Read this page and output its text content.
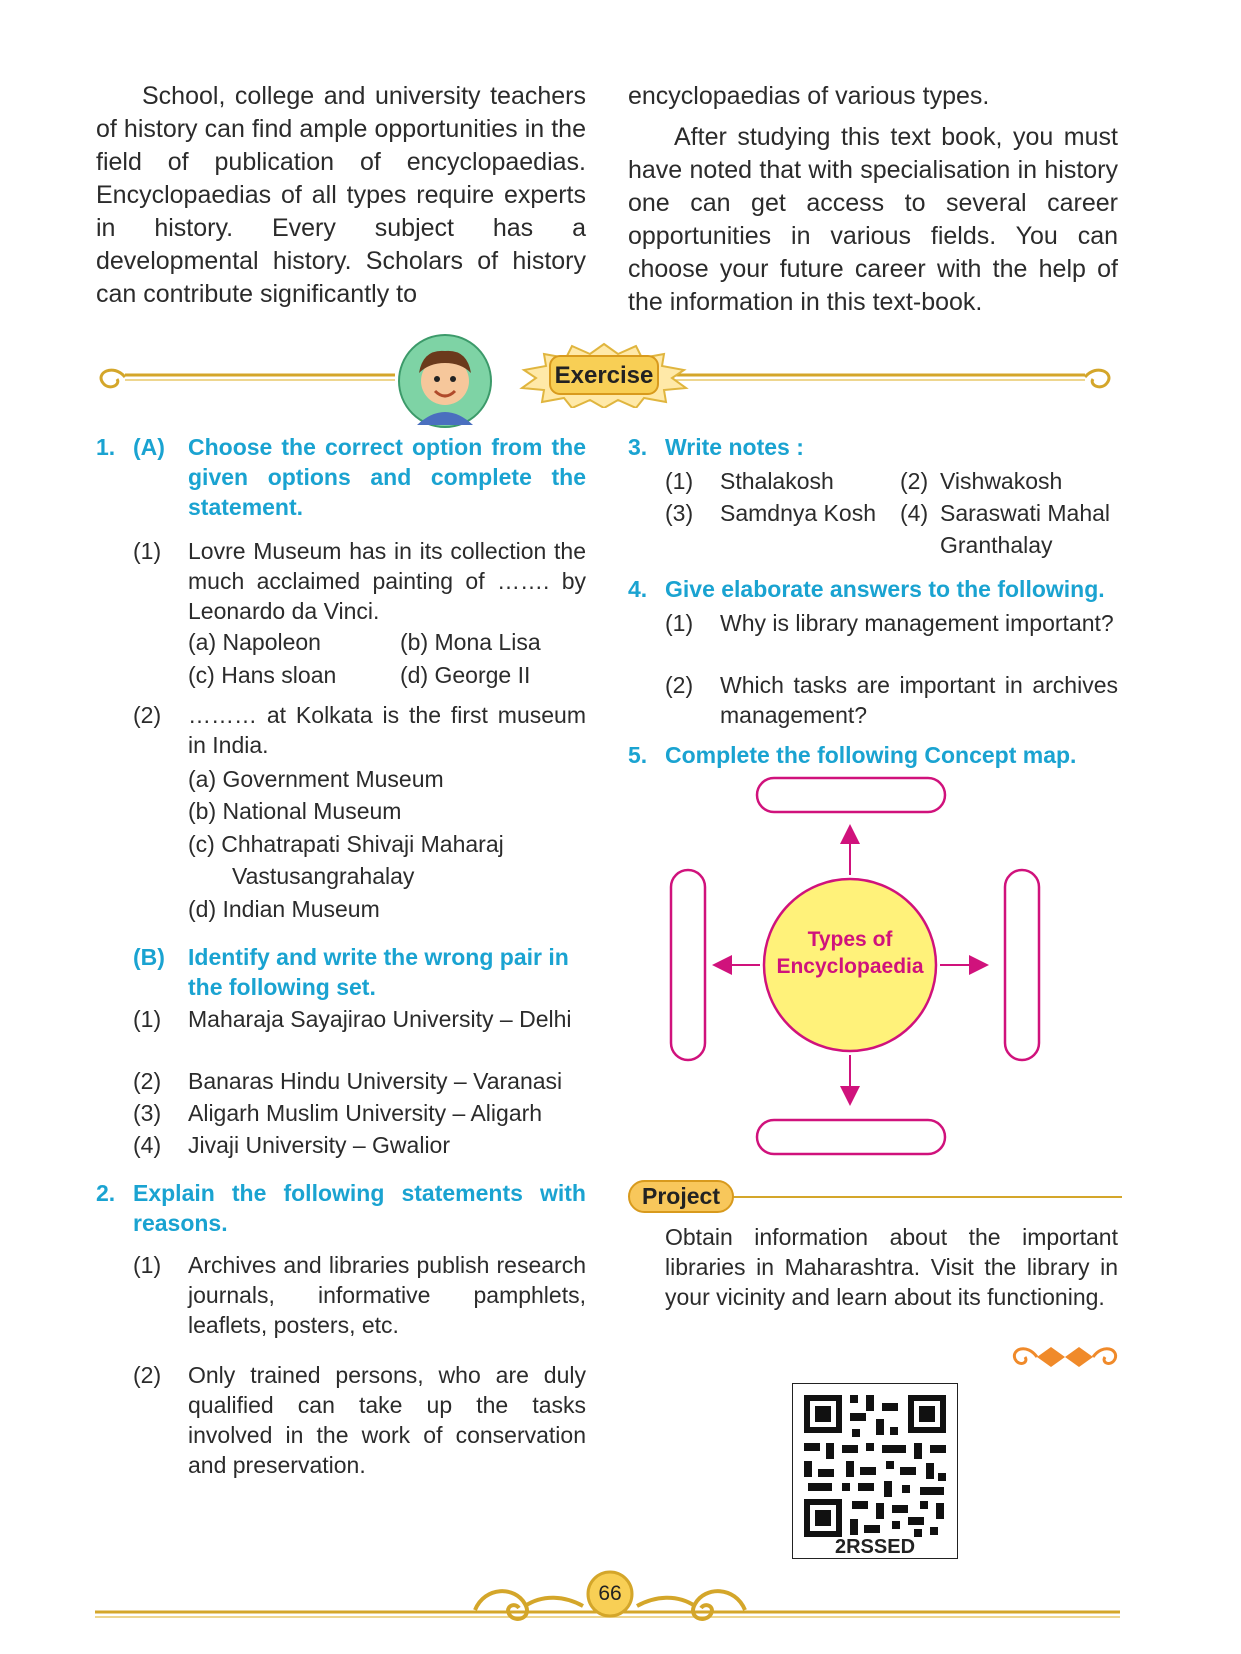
School, college and university teachers of history can find ample opportunities in the field of publication of encyclopaedias. Encyclopaedias of all types require experts in history. Every subject has a developmental history. Scholars of history can contribute significantly to

encyclopaedias of various types.

After studying this text book, you must have noted that with specialisation in history one can get access to several career opportunities in various fields. You can choose your future career with the help of the information in this text-book.

Exercise
1. (A) Choose the correct option from the given options and complete the statement.
(1) Lovre Museum has in its collection the much acclaimed painting of ……. by Leonardo da Vinci.
(a) Napoleon	(b) Mona Lisa
(c) Hans sloan	(d) George II
(2) ……… at Kolkata is the first museum in India.
(a) Government Museum
(b) National Museum
(c) Chhatrapati Shivaji Maharaj
Vastusangrahalay
(d) Indian Museum
(B) Identify and write the wrong pair in the following set.
(1) Maharaja Sayajirao University – Delhi
(2) Banaras Hindu University – Varanasi
(3) Aligarh Muslim University – Aligarh
(4) Jivaji University – Gwalior
2. Explain the following statements with reasons.
(1) Archives and libraries publish research journals, informative pamphlets, leaflets, posters, etc.
(2) Only trained persons, who are duly qualified can take up the tasks involved in the work of conservation and preservation.
3. Write notes :
(1) Sthalakosh	(2) Vishwakosh
(3) Samdnya Kosh (4) Saraswati Mahal
Granthalay
4. Give elaborate answers to the following.
(1) Why is library management important?
(2) Which tasks are important in archives management?
5. Complete the following Concept map.
Types of
Encyclopaedia
Project
Obtain information about the important libraries in Maharashtra. Visit the library in your vicinity and learn about its functioning.
2RSSED
66
